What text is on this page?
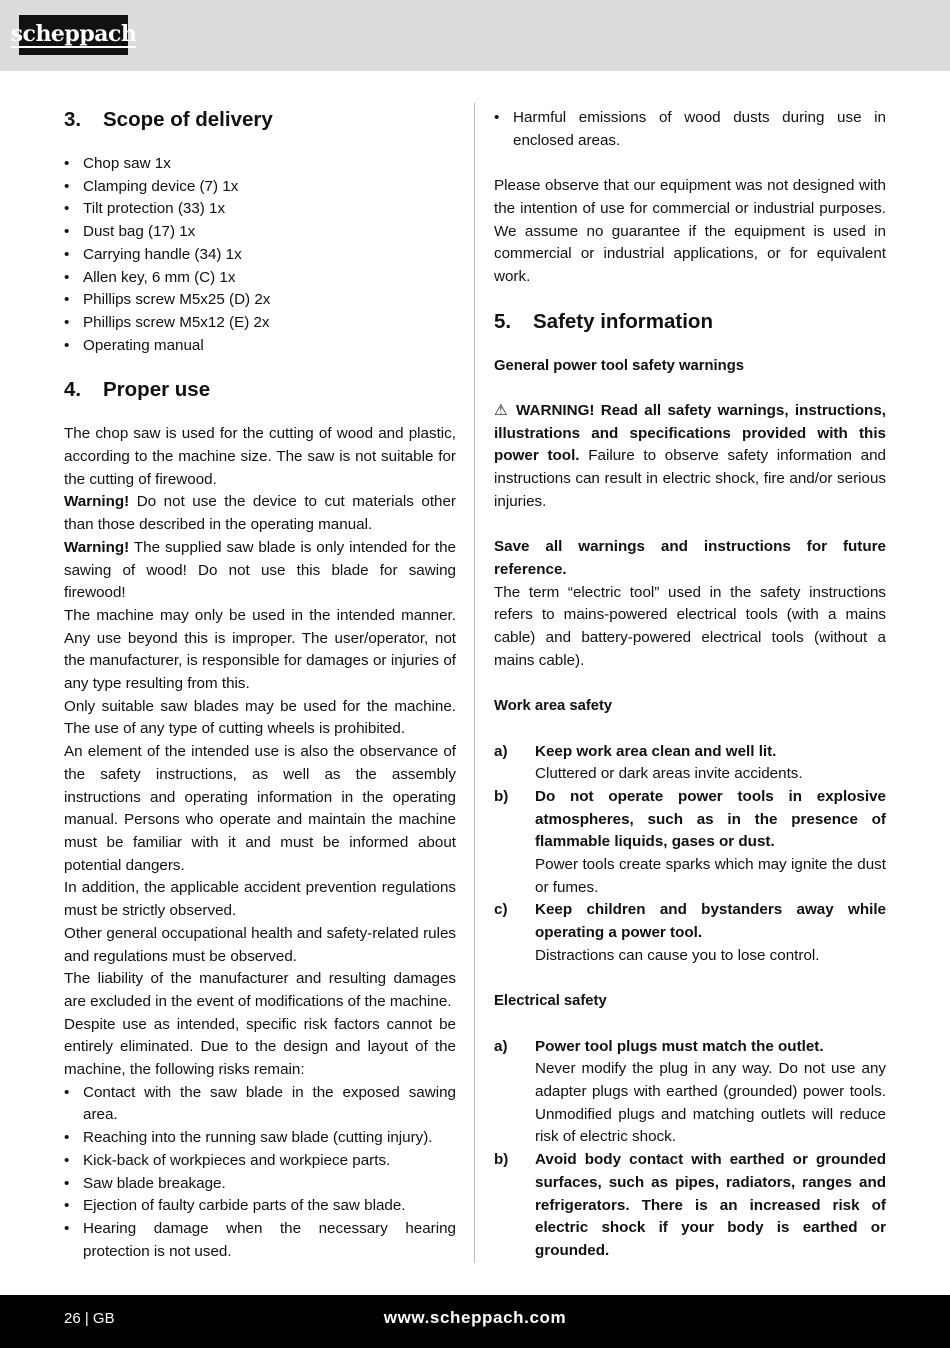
scheppach
3.	Scope of delivery
• Chop saw 1x
• Clamping device (7) 1x
• Tilt protection (33) 1x
• Dust bag (17) 1x
• Carrying handle (34) 1x
• Allen key, 6 mm (C) 1x
• Phillips screw M5x25 (D) 2x
• Phillips screw M5x12 (E) 2x
• Operating manual
4.	Proper use
The chop saw is used for the cutting of wood and plastic, according to the machine size. The saw is not suitable for the cutting of firewood.
Warning! Do not use the device to cut materials other than those described in the operating manual.
Warning! The supplied saw blade is only intended for the sawing of wood! Do not use this blade for sawing firewood!
The machine may only be used in the intended manner. Any use beyond this is improper. The user/operator, not the manufacturer, is responsible for damages or injuries of any type resulting from this.
Only suitable saw blades may be used for the machine. The use of any type of cutting wheels is prohibited.
An element of the intended use is also the observance of the safety instructions, as well as the assembly instructions and operating information in the operating manual. Persons who operate and maintain the machine must be familiar with it and must be informed about potential dangers.
In addition, the applicable accident prevention regulations must be strictly observed.
Other general occupational health and safety-related rules and regulations must be observed.
The liability of the manufacturer and resulting damages are excluded in the event of modifications of the machine.
Despite use as intended, specific risk factors cannot be entirely eliminated. Due to the design and layout of the machine, the following risks remain:
• Contact with the saw blade in the exposed sawing area.
• Reaching into the running saw blade (cutting injury).
• Kick-back of workpieces and workpiece parts.
• Saw blade breakage.
• Ejection of faulty carbide parts of the saw blade.
• Hearing damage when the necessary hearing protection is not used.
• Harmful emissions of wood dusts during use in enclosed areas.
Please observe that our equipment was not designed with the intention of use for commercial or industrial purposes. We assume no guarantee if the equipment is used in commercial or industrial applications, or for equivalent work.
5.	Safety information
General power tool safety warnings
⚠ WARNING! Read all safety warnings, instructions, illustrations and specifications provided with this power tool. Failure to observe safety information and instructions can result in electric shock, fire and/or serious injuries.
Save all warnings and instructions for future reference.
The term “electric tool” used in the safety instructions refers to mains-powered electrical tools (with a mains cable) and battery-powered electrical tools (without a mains cable).
Work area safety
a)	Keep work area clean and well lit.
Cluttered or dark areas invite accidents.
b)	Do not operate power tools in explosive atmospheres, such as in the presence of flammable liquids, gases or dust.
Power tools create sparks which may ignite the dust or fumes.
c)	Keep children and bystanders away while operating a power tool.
Distractions can cause you to lose control.
Electrical safety
a)	Power tool plugs must match the outlet.
Never modify the plug in any way. Do not use any adapter plugs with earthed (grounded) power tools. Unmodified plugs and matching outlets will reduce risk of electric shock.
b)	Avoid body contact with earthed or grounded surfaces, such as pipes, radiators, ranges and refrigerators. There is an increased risk of electric shock if your body is earthed or grounded.
26 | GB	www.scheppach.com
